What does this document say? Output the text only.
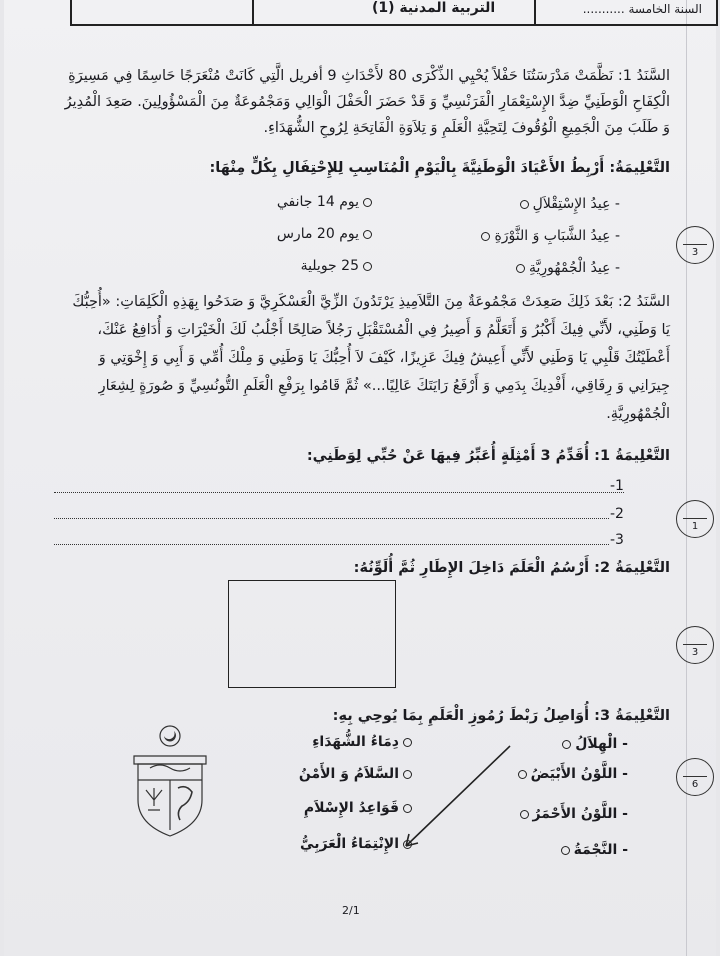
التربية المدنية (1)	السنة الخامسة ...........
السَّنَدُ 1: نَظَّمَتْ مَدْرَسَتُنَا حَفْلاً يُحْيِي الذِّكْرَى 80 لأَحْدَاثِ 9 أفريل الَّتِي كَانَتْ مُنْعَرَجًا حَاسِمًا فِي مَسِيرَةِ
الْكِفَاحِ الْوَطَنِيِّ ضِدَّ الإِسْتِعْمَارِ الْفَرَنْسِيِّ وَ قَدْ حَضَرَ الْحَفْلَ الْوَالِي وَمَجْمُوعَةٌ مِنَ الْمَسْؤُولِينَ. صَعِدَ الْمُدِيرُ
وَ طَلَبَ مِنَ الْجَمِيعِ الْوُقُوفَ لِتَحِيَّةِ الْعَلَمِ وَ تِلاَوَةِ الْفَاتِحَةِ لِرُوحِ الشُّهَدَاءِ.
التَّعْلِيمَةُ: أَرْبِطُ الأَعْيَادَ الْوَطَنِيَّةَ بِالْيَوْمِ الْمُنَاسِبِ لِلإِحْتِفَالِ بِكُلٍّ مِنْهَا:
- عِيدُ الإِسْتِقْلاَلِ
- عِيدُ الشَّبَابِ وَ الثَّوْرَةِ
- عِيدُ الْجُمْهُورِيَّةِ
يوم 14 جانفي
يوم 20 مارس
25 جويلية
3
السَّنَدُ 2: بَعْدَ ذَلِكَ صَعِدَتْ مَجْمُوعَةٌ مِنَ التَّلاَمِيذِ يَرْتَدُونَ الزِّيَّ الْعَسْكَرِيَّ وَ صَدَحُوا بِهَذِهِ الْكَلِمَاتِ: «أُحِبُّكَ
يَا وَطَنِي، لأَنِّي فِيكَ أَكْبُرُ وَ أَتَعَلَّمُ وَ أَصِيرُ فِي الْمُسْتَقْبَلِ رَجُلاً صَالِحًا أَجْلُبُ لَكَ الْخَيْرَاتِ وَ أُدَافِعُ عَنْكَ،
أَعْطَيْتُكَ قَلْبِي يَا وَطَنِي لأَنِّي أَعِيشُ فِيكَ عَزِيزًا، كَيْفَ لاَ أُحِبُّكَ يَا وَطَنِي وَ مِلْكَ أُمِّي وَ أَبِي وَ إِخْوَتِي وَ
جِيرَانِي وَ رِفَاقِي، أَفْدِيكَ بِدَمِي وَ أَرْفَعُ رَايَتَكَ عَالِيًا...» ثُمَّ قَامُوا بِرَفْعِ الْعَلَمِ التُّونُسِيِّ وَ صُورَةٍ لِشِعَارِ
الْجُمْهُورِيَّةِ.
التَّعْلِيمَةُ 1: أُقَدِّمُ 3 أَمْثِلَةٍ أُعَبِّرُ فِيهَا عَنْ حُبِّي لِوَطَنِي:
-1
-2
-3
1
التَّعْلِيمَةُ 2: أَرْسُمُ الْعَلَمَ دَاخِلَ الإِطَارِ ثُمَّ أُلَوِّنُهُ:
3
التَّعْلِيمَةُ 3: أُوَاصِلُ رَبْطَ رُمُوزِ الْعَلَمِ بِمَا يُوحِي بِهِ:
- الْهِلاَلُ
- اللَّوْنُ الأَبْيَضُ
- اللَّوْنُ الأَحْمَرُ
- النَّجْمَةُ
دِمَاءُ الشُّهَدَاءِ
السَّلاَمُ وَ الأَمْنُ
قَوَاعِدُ الإِسْلاَمِ
الإِنْتِمَاءُ الْعَرَبِيُّ
6
2/1
